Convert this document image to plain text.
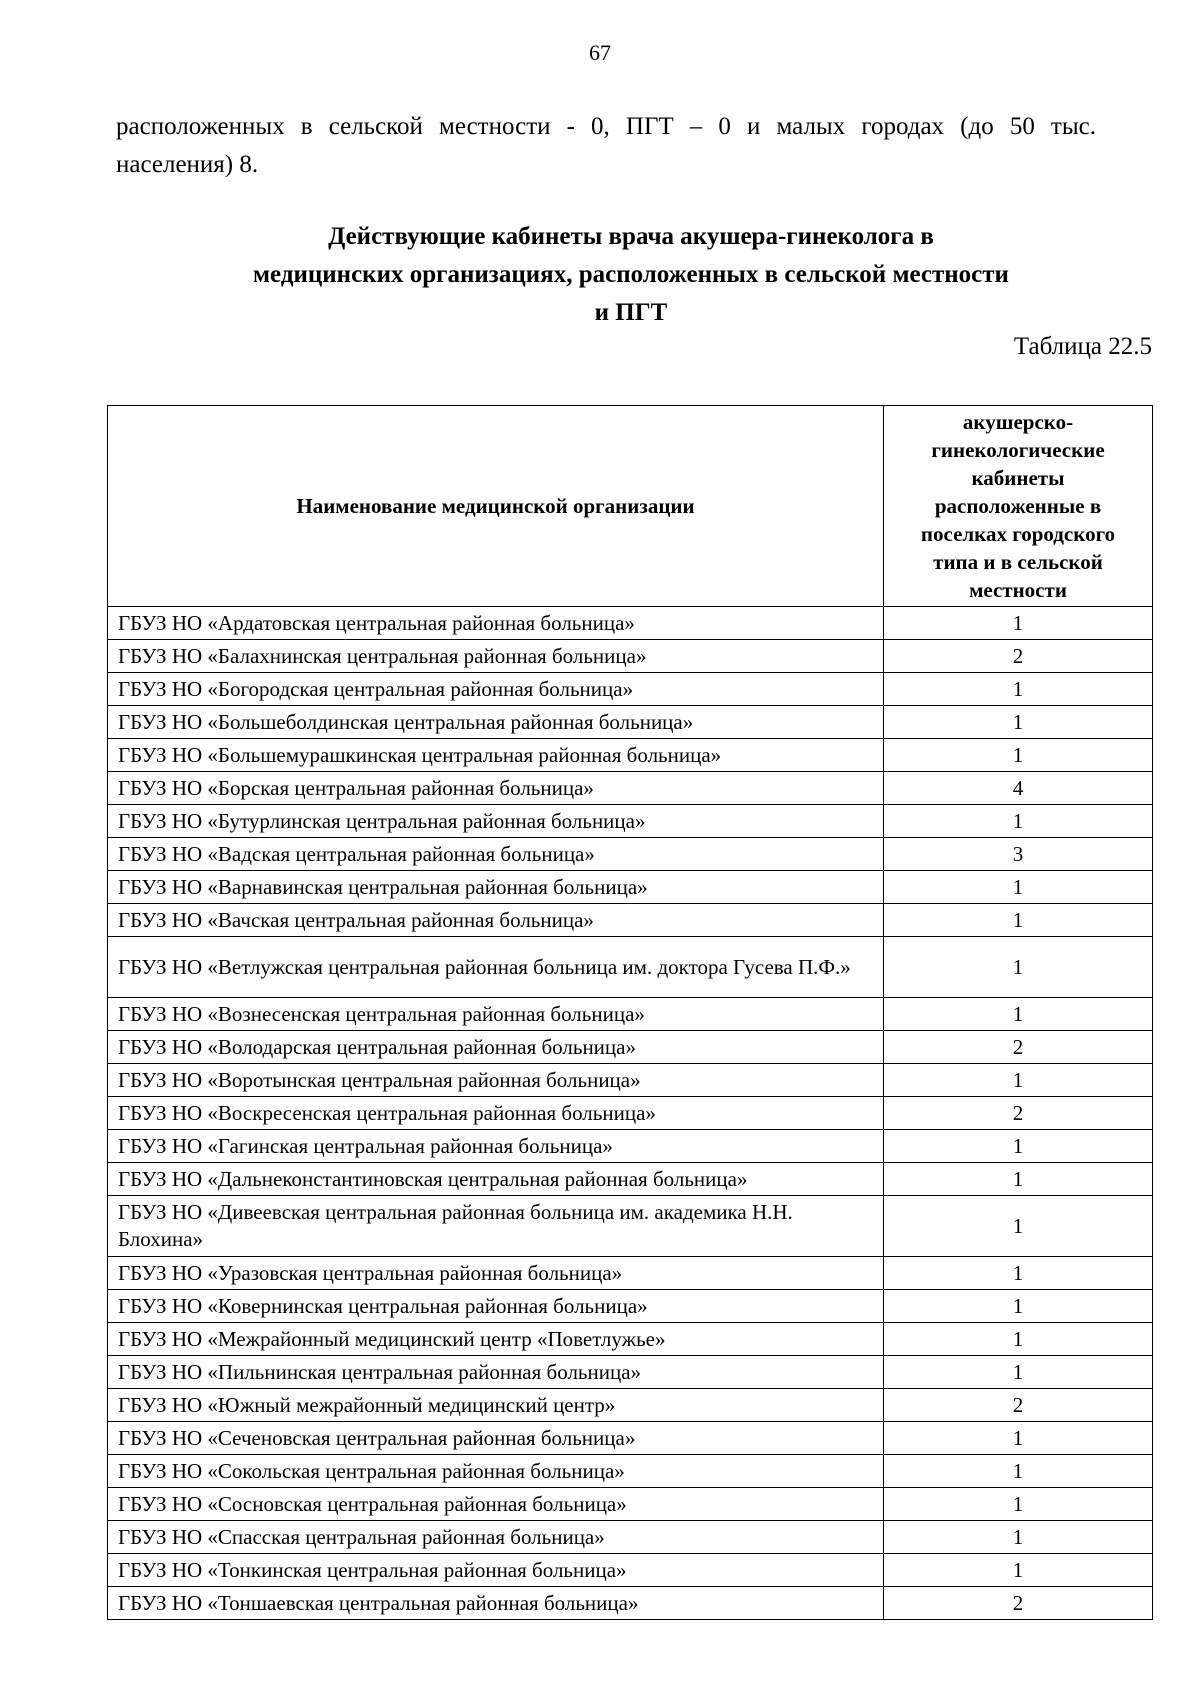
67
расположенных в сельской местности - 0, ПГТ – 0 и малых городах (до 50 тыс.
населения) 8.
Действующие кабинеты врача акушера-гинеколога в
медицинских организациях, расположенных в сельской местности
и ПГТ
Таблица 22.5
Наименование медицинской организации	акушерско-гинекологические кабинеты расположенные в поселках городского типа и в сельской местности
ГБУЗ НО «Ардатовская центральная районная больница»	1
ГБУЗ НО «Балахнинская центральная районная больница»	2
ГБУЗ НО «Богородская центральная районная больница»	1
ГБУЗ НО «Большеболдинская центральная районная больница»	1
ГБУЗ НО «Большемурашкинская центральная районная больница»	1
ГБУЗ НО «Борская центральная районная больница»	4
ГБУЗ НО «Бутурлинская центральная районная больница»	1
ГБУЗ НО «Вадская центральная районная больница»	3
ГБУЗ НО «Варнавинская центральная районная больница»	1
ГБУЗ НО «Вачская центральная районная больница»	1
ГБУЗ НО «Ветлужская центральная районная больница им. доктора Гусева П.Ф.»	1
ГБУЗ НО «Вознесенская центральная районная больница»	1
ГБУЗ НО «Володарская центральная районная больница»	2
ГБУЗ НО «Воротынская центральная районная больница»	1
ГБУЗ НО «Воскресенская центральная районная больница»	2
ГБУЗ НО «Гагинская центральная районная больница»	1
ГБУЗ НО «Дальнеконстантиновская центральная районная больница»	1
ГБУЗ НО «Дивеевская центральная районная больница им. академика Н.Н. Блохина»	1
ГБУЗ НО «Уразовская центральная районная больница»	1
ГБУЗ НО «Ковернинская центральная районная больница»	1
ГБУЗ НО «Межрайонный медицинский центр «Поветлужье»	1
ГБУЗ НО «Пильнинская центральная районная больница»	1
ГБУЗ НО «Южный межрайонный медицинский центр»	2
ГБУЗ НО «Сеченовская центральная районная больница»	1
ГБУЗ НО «Сокольская центральная районная больница»	1
ГБУЗ НО «Сосновская центральная районная больница»	1
ГБУЗ НО «Спасская центральная районная больница»	1
ГБУЗ НО «Тонкинская центральная районная больница»	1
ГБУЗ НО «Тоншаевская центральная районная больница»	2
